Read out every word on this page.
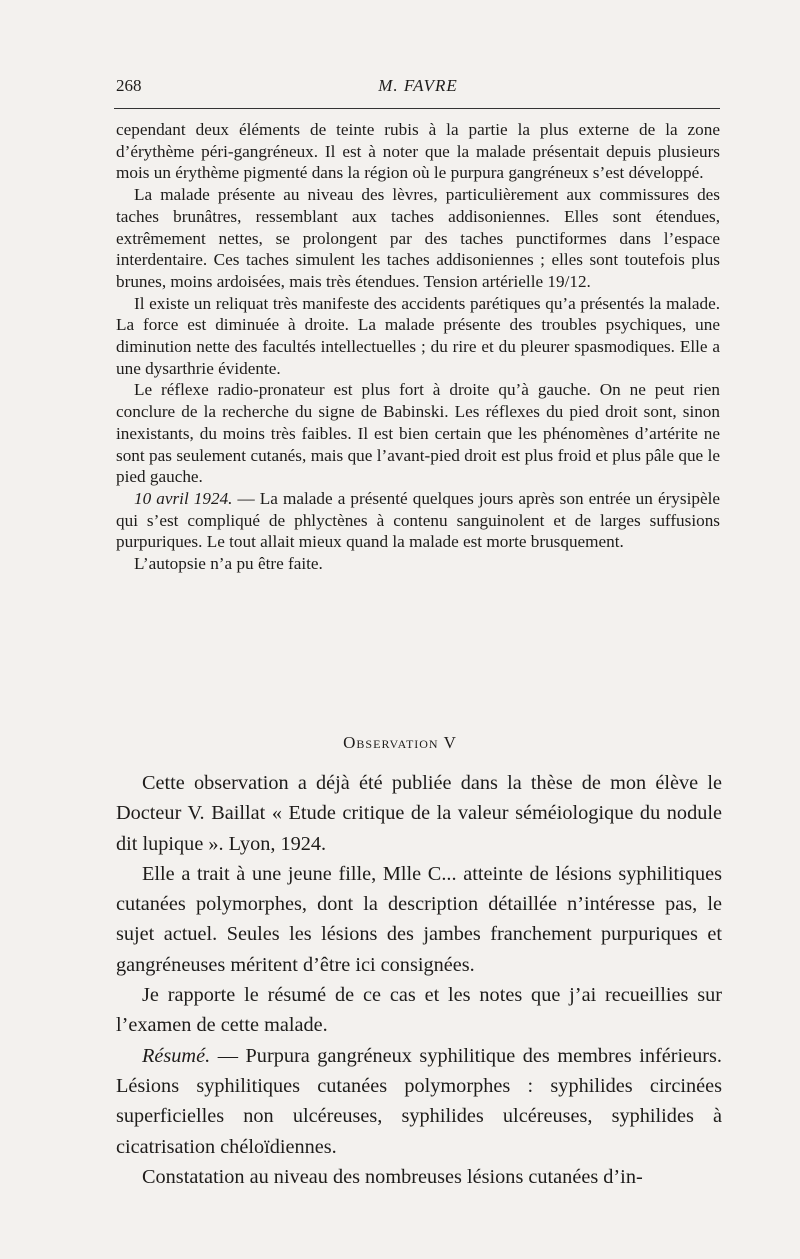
268	M. FAVRE

cependant deux éléments de teinte rubis à la partie la plus externe de la zone d’érythème péri-gangréneux. Il est à noter que la malade présentait depuis plusieurs mois un érythème pigmenté dans la région où le purpura gangréneux s’est développé.

La malade présente au niveau des lèvres, particulièrement aux commissures des taches brunâtres, ressemblant aux taches addisoniennes. Elles sont étendues, extrêmement nettes, se prolongent par des taches punctiformes dans l’espace interdentaire. Ces taches simulent les taches addisoniennes ; elles sont toutefois plus brunes, moins ardoisées, mais très étendues. Tension artérielle 19/12.

Il existe un reliquat très manifeste des accidents parétiques qu’a présentés la malade. La force est diminuée à droite. La malade présente des troubles psychiques, une diminution nette des facultés intellectuelles ; du rire et du pleurer spasmodiques. Elle a une dysarthrie évidente.

Le réflexe radio-pronateur est plus fort à droite qu’à gauche. On ne peut rien conclure de la recherche du signe de Babinski. Les réflexes du pied droit sont, sinon inexistants, du moins très faibles. Il est bien certain que les phénomènes d’artérite ne sont pas seulement cutanés, mais que l’avant-pied droit est plus froid et plus pâle que le pied gauche.

10 avril 1924. — La malade a présenté quelques jours après son entrée un érysipèle qui s’est compliqué de phlyctènes à contenu sanguinolent et de larges suffusions purpuriques. Le tout allait mieux quand la malade est morte brusquement.

L’autopsie n’a pu être faite.

Observation V

Cette observation a déjà été publiée dans la thèse de mon élève le Docteur V. Baillat « Etude critique de la valeur séméiologique du nodule dit lupique ». Lyon, 1924.

Elle a trait à une jeune fille, Mlle C... atteinte de lésions syphilitiques cutanées polymorphes, dont la description détaillée n’intéresse pas, le sujet actuel. Seules les lésions des jambes franchement purpuriques et gangréneuses méritent d’être ici consignées.

Je rapporte le résumé de ce cas et les notes que j’ai recueillies sur l’examen de cette malade.

Résumé. — Purpura gangréneux syphilitique des membres inférieurs. Lésions syphilitiques cutanées polymorphes : syphilides circinées superficielles non ulcéreuses, syphilides ulcéreuses, syphilides à cicatrisation chéloïdiennes.

Constatation au niveau des nombreuses lésions cutanées d’in-
